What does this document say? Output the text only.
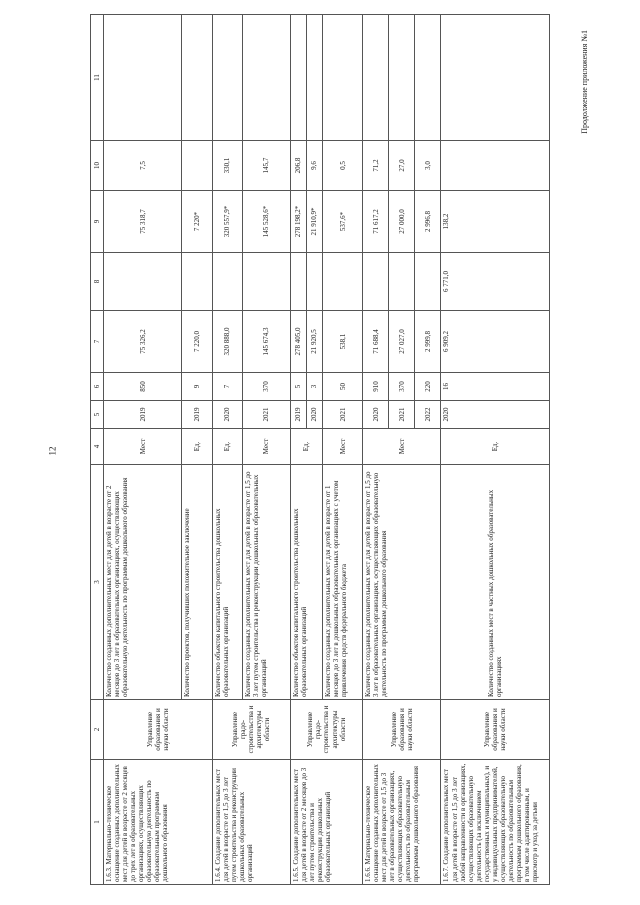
12
Продолжение приложения №1
1	2	3	4	5	6	7	8	9	10	11
1.6.3. Материально-техническое оснащение созданных дополнительных мест для детей в возрасте от 2 месяцев до трех лет в образовательных организациях, осуществляющих образовательную деятельность по образовательным программам дошкольного образования	Управление образования и науки области	Количество созданных дополнительных мест для детей в возрасте от 2 месяцев до 3 лет в образовательных организациях, осуществляющих образовательную деятельность по программам дошкольного образования	Мест	2019	850	75 326,2		75 318,7	7,5	
		Количество проектов, получивших положительное заключение	Ед.	2019	9	7 220,0		7 220*		
1.6.4. Создание дополнительных мест для детей в возрасте от 1,5 до 3 лет путем строительства и реконструкции дошкольных образовательных организаций	Управление градо-строительства и архитектуры области	Количество объектов капитального строительства дошкольных образовательных организаций	Ед.	2020	7	320 888,0		320 557,9*	330,1	
		Количество созданных дополнительных мест для детей в возрасте от 1,5 до 3 лет путем строительства и реконструкции дошкольных образовательных организаций	Мест	2021	370	145 674,3		145 528,6*	145,7	
1.6.5. Создание дополнительных мест для детей в возрасте от 2 месяцев до 3 лет путем строительства и реконструкции дошкольных образовательных организаций	Управление градо-строительства и архитектуры области	Количество объектов капитального строительства дошкольных образовательных организаций	Ед.	2019	5	278 405,0		278 198,2*	206,8	
				2020	3	21 920,5		21 910,9*	9,6	
		Количество созданных дополнительных мест для детей в возрасте от 1 месяцев до 3 лет в дошкольных образовательных организациях с учетом привлечения средств федерального бюджета	Мест	2021	50	538,1		537,6*	0,5	
1.6.6. Материально-техническое оснащение созданных дополнительных мест для детей в возрасте от 1,5 до 3 лет в образовательных организациях, осуществляющих образовательную деятельность по образовательным программам дошкольного образования	Управление образования и науки области	Количество созданных дополнительных мест для детей в возрасте от 1,5 до 3 лет в образовательных организациях, осуществляющих образовательную деятельность по программам дошкольного образования	Мест	2020	910	71 688,4		71 617,2	71,2	
				2021	370	27 027,0		27 000,0	27,0	
				2022	220	2 999,8		2 996,8	3,0	
1.6.7. Создание дополнительных мест для детей в возрасте от 1,5 до 3 лет любой направленности в организациях, осуществляющих образовательную деятельность (за исключением государственных и муниципальных), и у индивидуальных предпринимателей, осуществляющих образовательную деятельность по образовательным программам дошкольного образования, в том числе адаптированным, и присмотр и уход за детьми	Управление образования и науки области	Количество созданных мест в частных дошкольных образовательных организациях	Ед.	2020	16	6 909,2	6 771,0	138,2		
